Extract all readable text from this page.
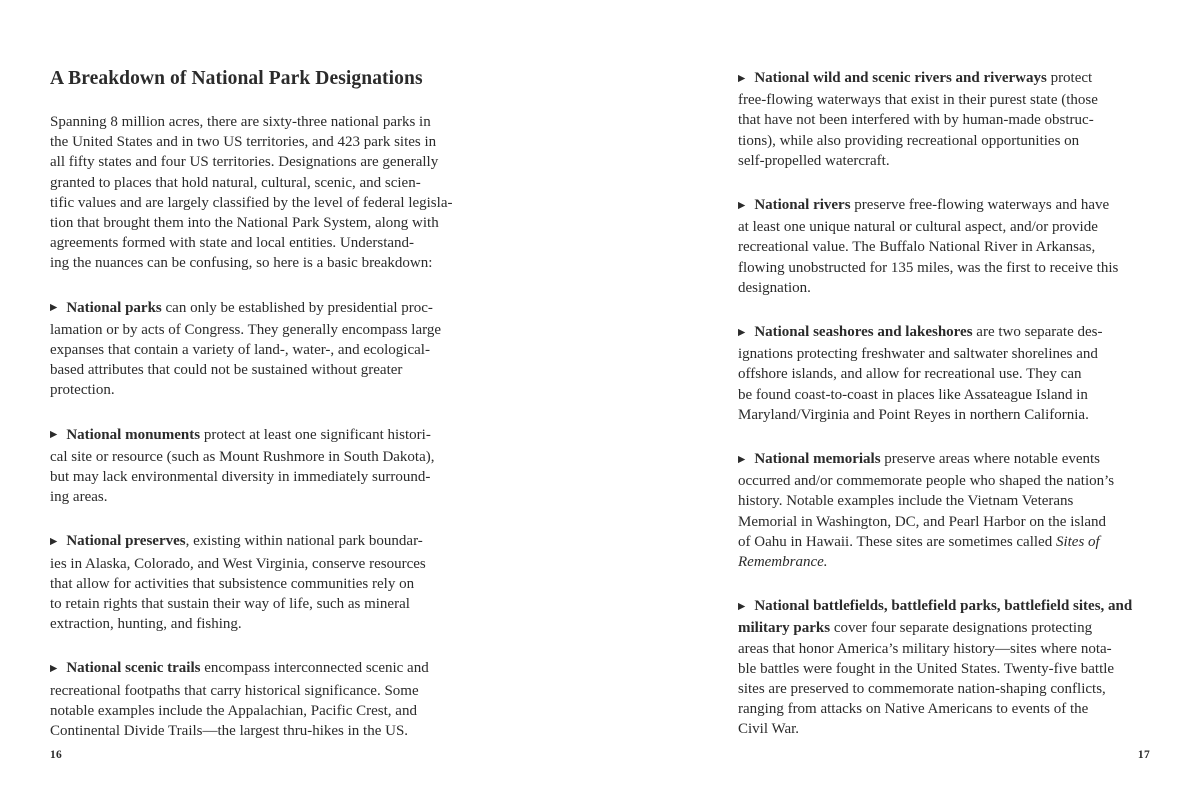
A Breakdown of National Park Designations
Spanning 8 million acres, there are sixty-three national parks in
the United States and in two US territories, and 423 park sites in
all fifty states and four US territories. Designations are generally
granted to places that hold natural, cultural, scenic, and scien-
tific values and are largely classified by the level of federal legisla-
tion that brought them into the National Park System, along with
agreements formed with state and local entities. Understand-
ing the nuances can be confusing, so here is a basic breakdown:
▶ National parks can only be established by presidential proc-
lamation or by acts of Congress. They generally encompass large
expanses that contain a variety of land-, water-, and ecological-
based attributes that could not be sustained without greater
protection.
▶ National monuments protect at least one significant histori-
cal site or resource (such as Mount Rushmore in South Dakota),
but may lack environmental diversity in immediately surround-
ing areas.
▶ National preserves, existing within national park boundar-
ies in Alaska, Colorado, and West Virginia, conserve resources
that allow for activities that subsistence communities rely on
to retain rights that sustain their way of life, such as mineral
extraction, hunting, and fishing.
▶ National scenic trails encompass interconnected scenic and
recreational footpaths that carry historical significance. Some
notable examples include the Appalachian, Pacific Crest, and
Continental Divide Trails—the largest thru-hikes in the US.
▶ National wild and scenic rivers and riverways protect
free-flowing waterways that exist in their purest state (those
that have not been interfered with by human-made obstruc-
tions), while also providing recreational opportunities on
self-propelled watercraft.
▶ National rivers preserve free-flowing waterways and have
at least one unique natural or cultural aspect, and/or provide
recreational value. The Buffalo National River in Arkansas,
flowing unobstructed for 135 miles, was the first to receive this
designation.
▶ National seashores and lakeshores are two separate des-
ignations protecting freshwater and saltwater shorelines and
offshore islands, and allow for recreational use. They can
be found coast-to-coast in places like Assateague Island in
Maryland/Virginia and Point Reyes in northern California.
▶ National memorials preserve areas where notable events
occurred and/or commemorate people who shaped the nation’s
history. Notable examples include the Vietnam Veterans
Memorial in Washington, DC, and Pearl Harbor on the island
of Oahu in Hawaii. These sites are sometimes called Sites of
Remembrance.
▶ National battlefields, battlefield parks, battlefield sites, and
military parks cover four separate designations protecting
areas that honor America’s military history—sites where nota-
ble battles were fought in the United States. Twenty-five battle
sites are preserved to commemorate nation-shaping conflicts,
ranging from attacks on Native Americans to events of the
Civil War.
16	17
